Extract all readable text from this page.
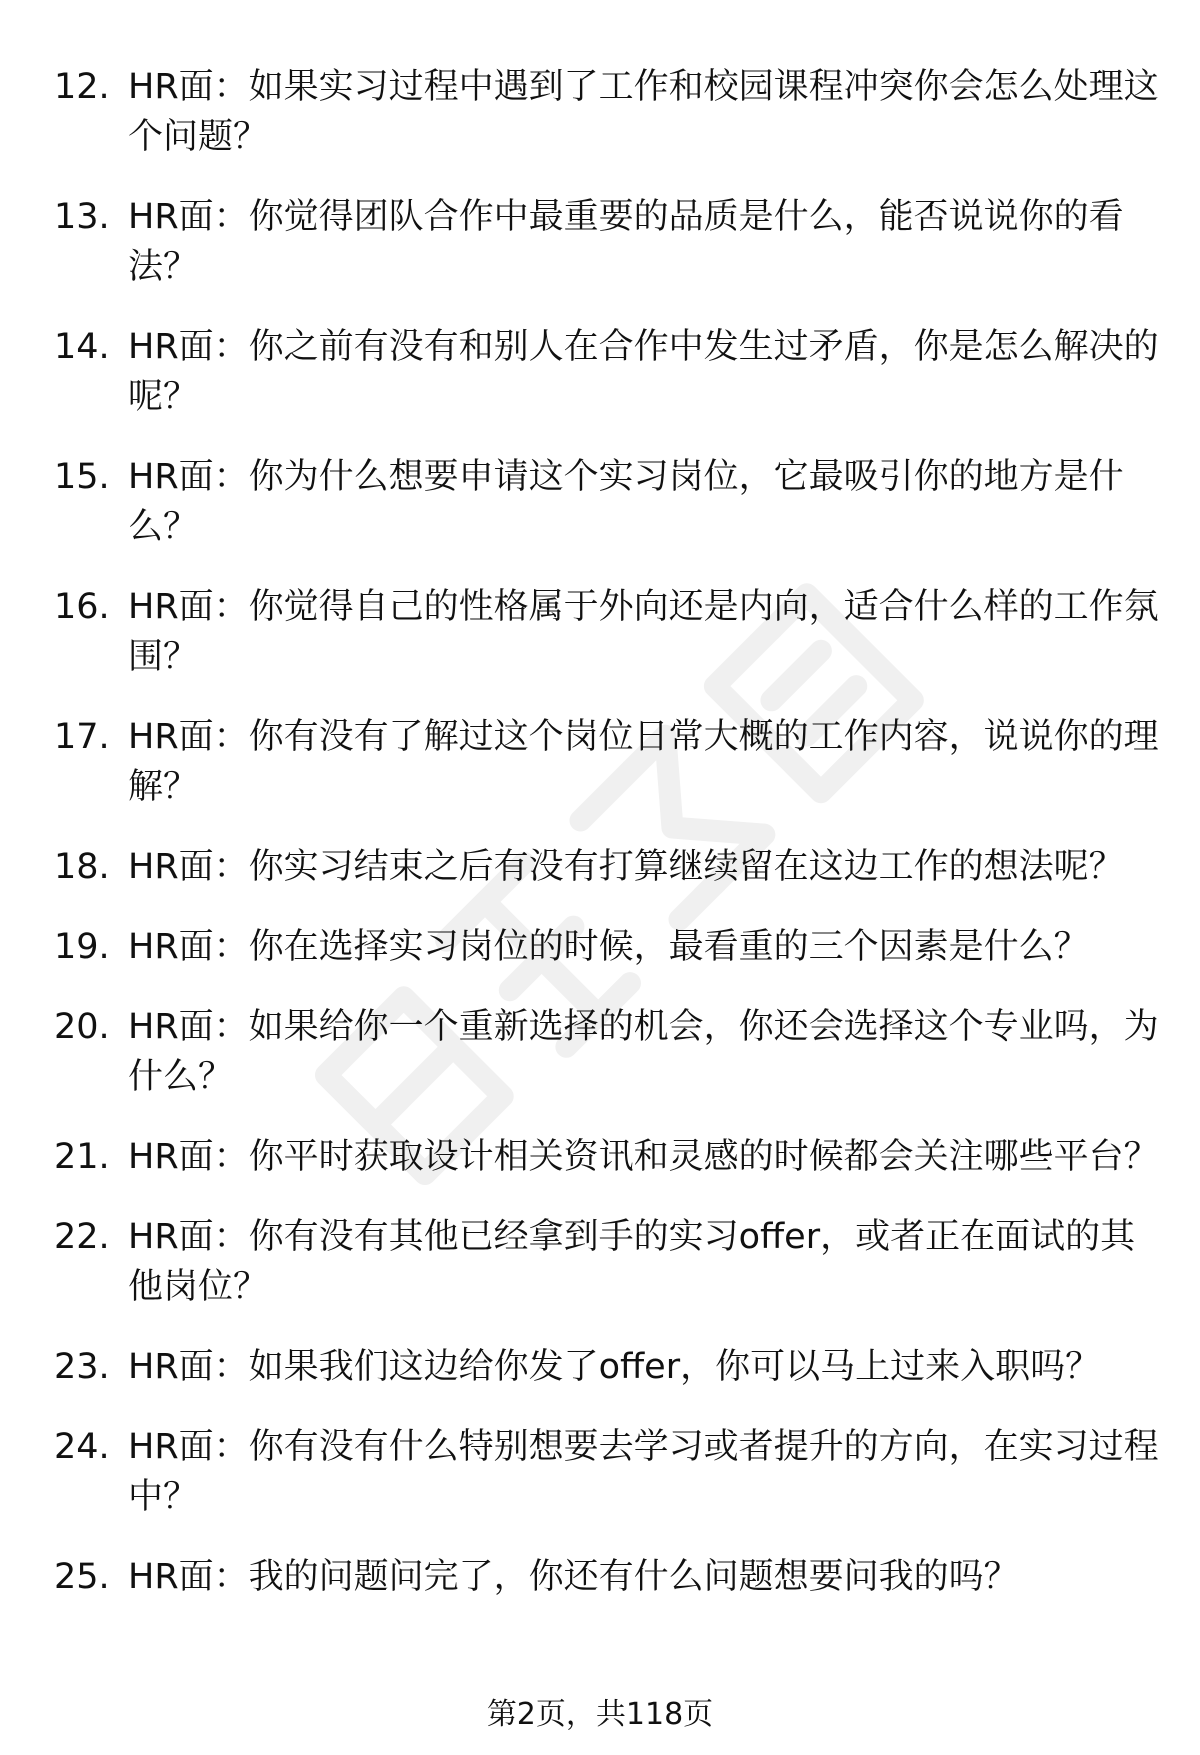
12. HR面：如果实习过程中遇到了工作和校园课程冲突你会怎么处理这个问题？
13. HR面：你觉得团队合作中最重要的品质是什么，能否说说你的看法？
14. HR面：你之前有没有和别人在合作中发生过矛盾，你是怎么解决的呢？
15. HR面：你为什么想要申请这个实习岗位，它最吸引你的地方是什么？
16. HR面：你觉得自己的性格属于外向还是内向，适合什么样的工作氛围？
17. HR面：你有没有了解过这个岗位日常大概的工作内容，说说你的理解？
18. HR面：你实习结束之后有没有打算继续留在这边工作的想法呢？
19. HR面：你在选择实习岗位的时候，最看重的三个因素是什么？
20. HR面：如果给你一个重新选择的机会，你还会选择这个专业吗，为什么？
21. HR面：你平时获取设计相关资讯和灵感的时候都会关注哪些平台？
22. HR面：你有没有其他已经拿到手的实习offer，或者正在面试的其他岗位？
23. HR面：如果我们这边给你发了offer，你可以马上过来入职吗？
24. HR面：你有没有什么特别想要去学习或者提升的方向，在实习过程中？
25. HR面：我的问题问完了，你还有什么问题想要问我的吗？
第2页，共118页
